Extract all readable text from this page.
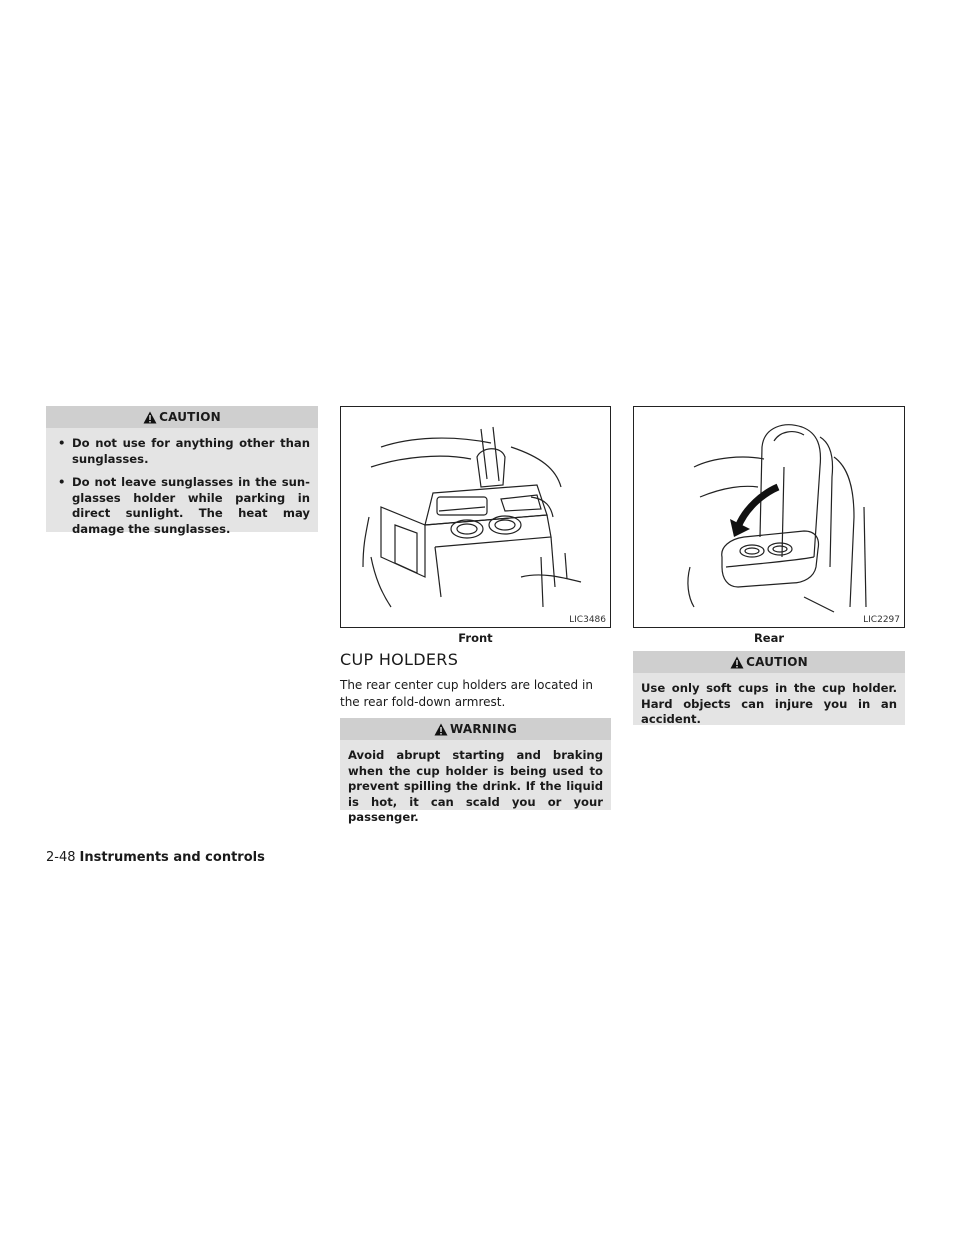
CAUTION
• Do not use for anything other than sunglasses.
• Do not leave sunglasses in the sun-glasses holder while parking in direct sunlight. The heat may damage the sunglasses.
LIC3486
Front
LIC2297
Rear
CUP HOLDERS
The rear center cup holders are located in the rear fold-down armrest.
WARNING
Avoid abrupt starting and braking when the cup holder is being used to prevent spilling the drink. If the liquid is hot, it can scald you or your passenger.
CAUTION
Use only soft cups in the cup holder. Hard objects can injure you in an accident.
2-48 Instruments and controls
